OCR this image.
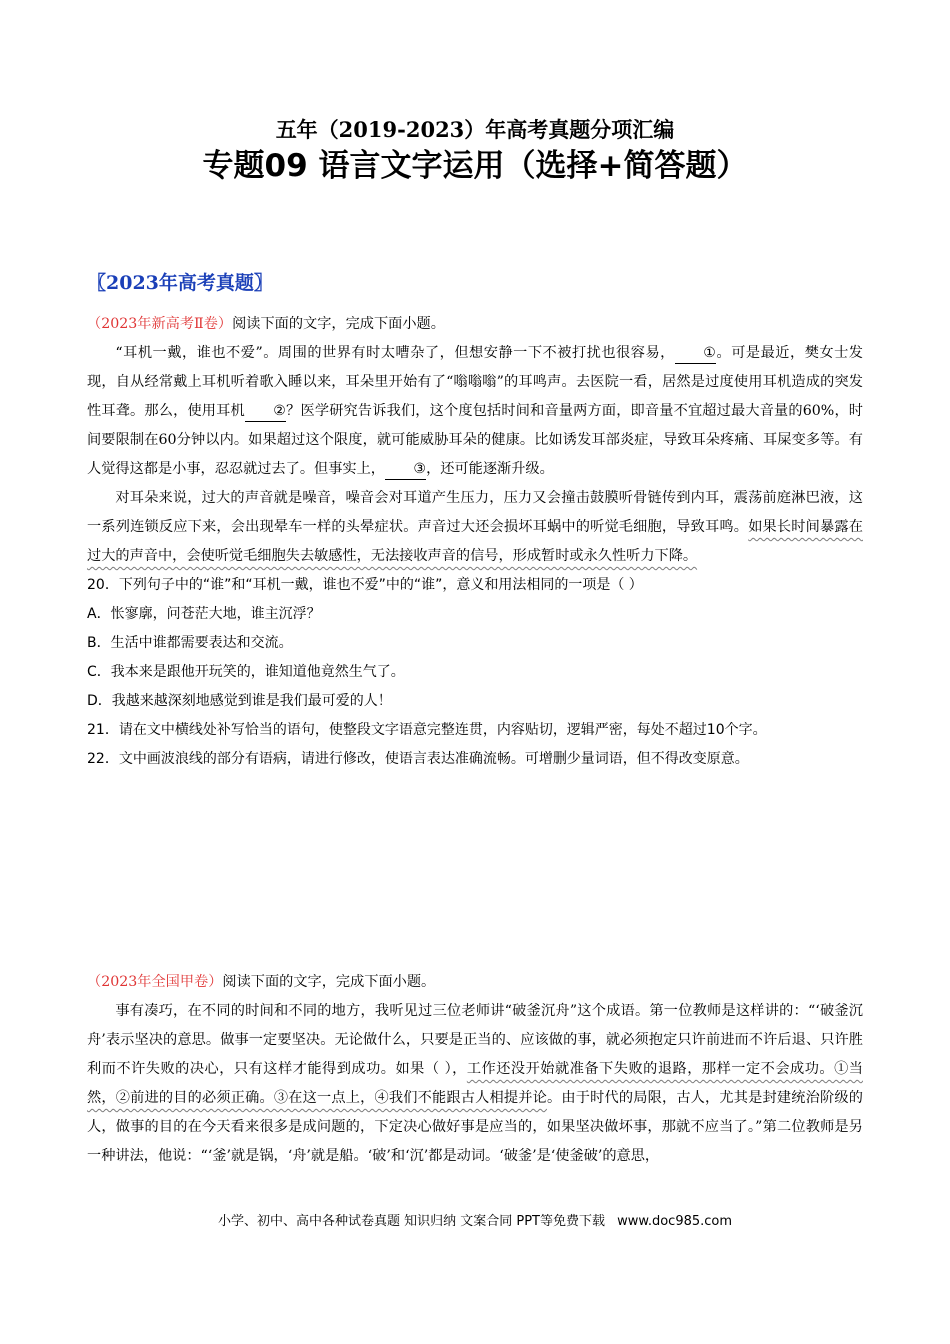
五年（2019-2023）年高考真题分项汇编
专题09 语言文字运用（选择+简答题）
〖2023年高考真题〗

（2023年新高考Ⅱ卷）阅读下面的文字，完成下面小题。

“耳机一戴，谁也不爱”。周围的世界有时太嘈杂了，但想安静一下不被打扰也很容易， ①。可是最近，樊女士发现，自从经常戴上耳机听着歌入睡以来，耳朵里开始有了“嗡嗡嗡”的耳鸣声。去医院一看，居然是过度使用耳机造成的突发性耳聋。那么，使用耳机 ②？医学研究告诉我们，这个度包括时间和音量两方面，即音量不宜超过最大音量的60%，时间要限制在60分钟以内。如果超过这个限度，就可能威胁耳朵的健康。比如诱发耳部炎症，导致耳朵疼痛、耳屎变多等。有人觉得这都是小事，忍忍就过去了。但事实上， ③，还可能逐渐升级。

对耳朵来说，过大的声音就是噪音，噪音会对耳道产生压力，压力又会撞击鼓膜听骨链传到内耳，震荡前庭淋巴液，这一系列连锁反应下来，会出现晕车一样的头晕症状。声音过大还会损坏耳蜗中的听觉毛细胞，导致耳鸣。如果长时间暴露在过大的声音中，会使听觉毛细胞失去敏感性，无法接收声音的信号，形成暂时或永久性听力下降。

20．下列句子中的“谁”和“耳机一戴，谁也不爱”中的“谁”，意义和用法相同的一项是（ ）

A．怅寥廓，问苍茫大地，谁主沉浮？

B．生活中谁都需要表达和交流。

C．我本来是跟他开玩笑的，谁知道他竟然生气了。

D．我越来越深刻地感觉到谁是我们最可爱的人！

21．请在文中横线处补写恰当的语句，使整段文字语意完整连贯，内容贴切，逻辑严密，每处不超过10个字。

22．文中画波浪线的部分有语病，请进行修改，使语言表达准确流畅。可增删少量词语，但不得改变原意。

（2023年全国甲卷）阅读下面的文字，完成下面小题。

事有凑巧，在不同的时间和不同的地方，我听见过三位老师讲“破釜沉舟”这个成语。第一位教师是这样讲的：“‘破釜沉舟’表示坚决的意思。做事一定要坚决。无论做什么，只要是正当的、应该做的事，就必须抱定只许前进而不许后退、只许胜利而不许失败的决心，只有这样才能得到成功。如果（ ），工作还没开始就准备下失败的退路，那样一定不会成功。①当然，②前进的目的必须正确。③在这一点上，④我们不能跟古人相提并论。由于时代的局限，古人，尤其是封建统治阶级的人，做事的目的在今天看来很多是成问题的，下定决心做好事是应当的，如果坚决做坏事，那就不应当了。”第二位教师是另一种讲法，他说：“‘釜’就是锅，‘舟’就是船。‘破’和‘沉’都是动词。‘破釜’是‘使釜破’的意思，

小学、初中、高中各种试卷真题 知识归纳 文案合同 PPT等免费下载 www.doc985.com
